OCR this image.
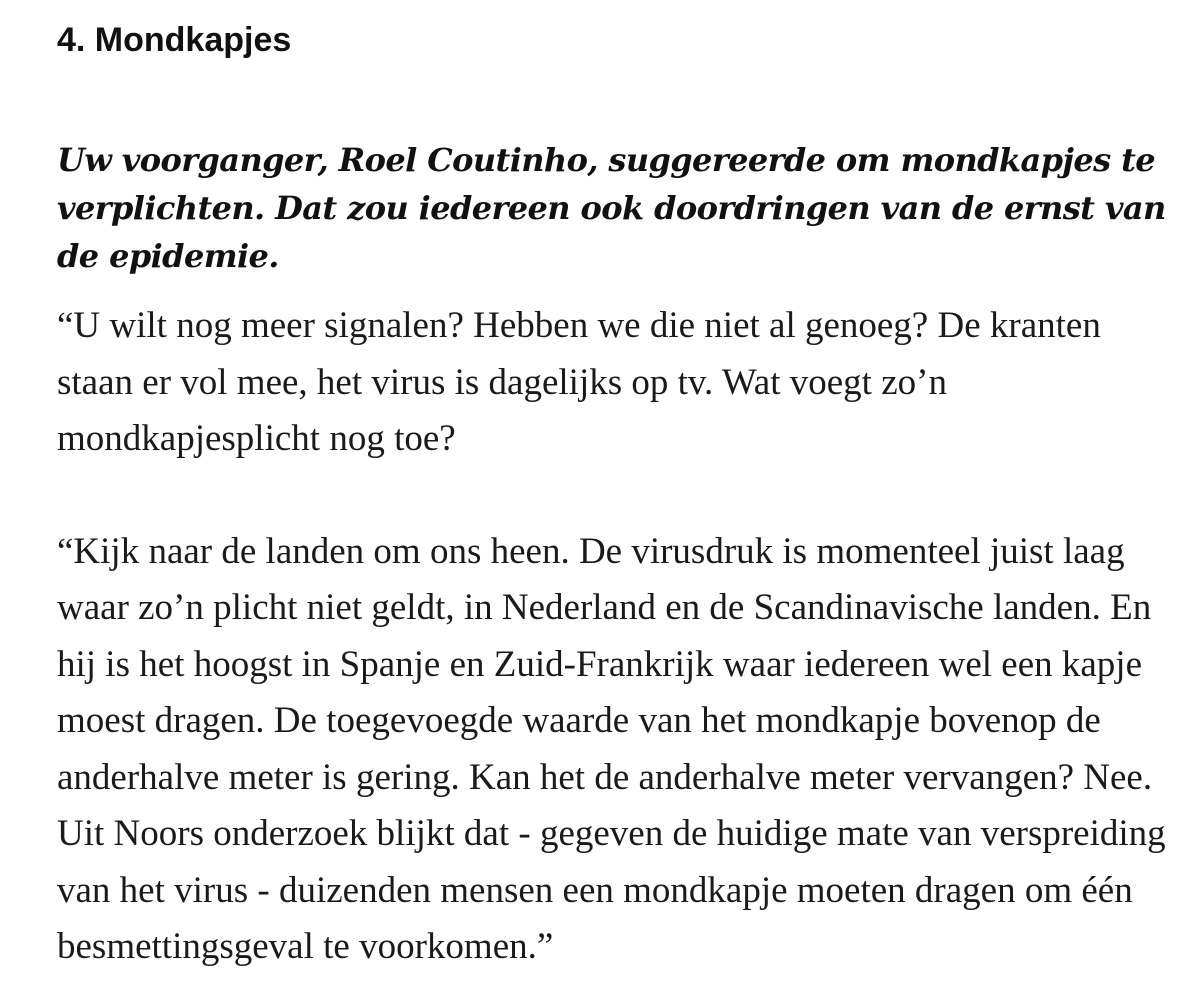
4. Mondkapjes

Uw voorganger, Roel Coutinho, suggereerde om mondkapjes te verplichten. Dat zou iedereen ook doordringen van de ernst van de epidemie.

“U wilt nog meer signalen? Hebben we die niet al genoeg? De kranten staan er vol mee, het virus is dagelijks op tv. Wat voegt zo’n mondkapjesplicht nog toe?

“Kijk naar de landen om ons heen. De virusdruk is momenteel juist laag waar zo’n plicht niet geldt, in Nederland en de Scandinavische landen. En hij is het hoogst in Spanje en Zuid-Frankrijk waar iedereen wel een kapje moest dragen. De toegevoegde waarde van het mondkapje bovenop de anderhalve meter is gering. Kan het de anderhalve meter vervangen? Nee. Uit Noors onderzoek blijkt dat - gegeven de huidige mate van verspreiding van het virus - duizenden mensen een mondkapje moeten dragen om één besmettingsgeval te voorkomen.”
